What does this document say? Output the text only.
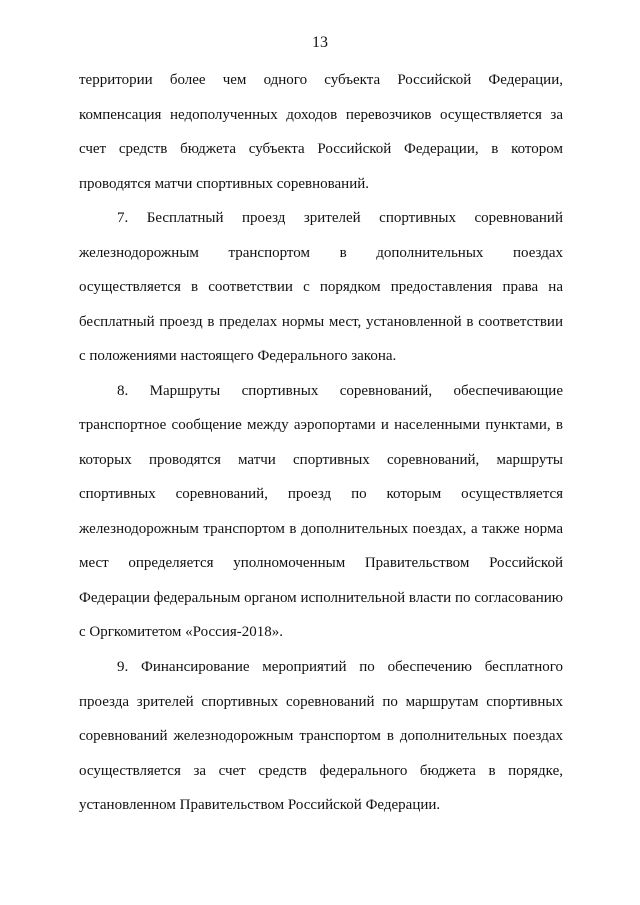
13
территории более чем одного субъекта Российской Федерации,
компенсация недополученных доходов перевозчиков осуществляется за
счет средств бюджета субъекта Российской Федерации, в котором
проводятся матчи спортивных соревнований.
7. Бесплатный проезд зрителей спортивных соревнований
железнодорожным транспортом в дополнительных поездах
осуществляется в соответствии с порядком предоставления права на
бесплатный проезд в пределах нормы мест, установленной в соответствии
с положениями настоящего Федерального закона.
8. Маршруты спортивных соревнований, обеспечивающие
транспортное сообщение между аэропортами и населенными пунктами, в
которых проводятся матчи спортивных соревнований, маршруты
спортивных соревнований, проезд по которым осуществляется
железнодорожным транспортом в дополнительных поездах, а также норма
мест определяется уполномоченным Правительством Российской
Федерации федеральным органом исполнительной власти по согласованию
с Оргкомитетом «Россия-2018».
9. Финансирование мероприятий по обеспечению бесплатного
проезда зрителей спортивных соревнований по маршрутам спортивных
соревнований железнодорожным транспортом в дополнительных поездах
осуществляется за счет средств федерального бюджета в порядке,
установленном Правительством Российской Федерации.
